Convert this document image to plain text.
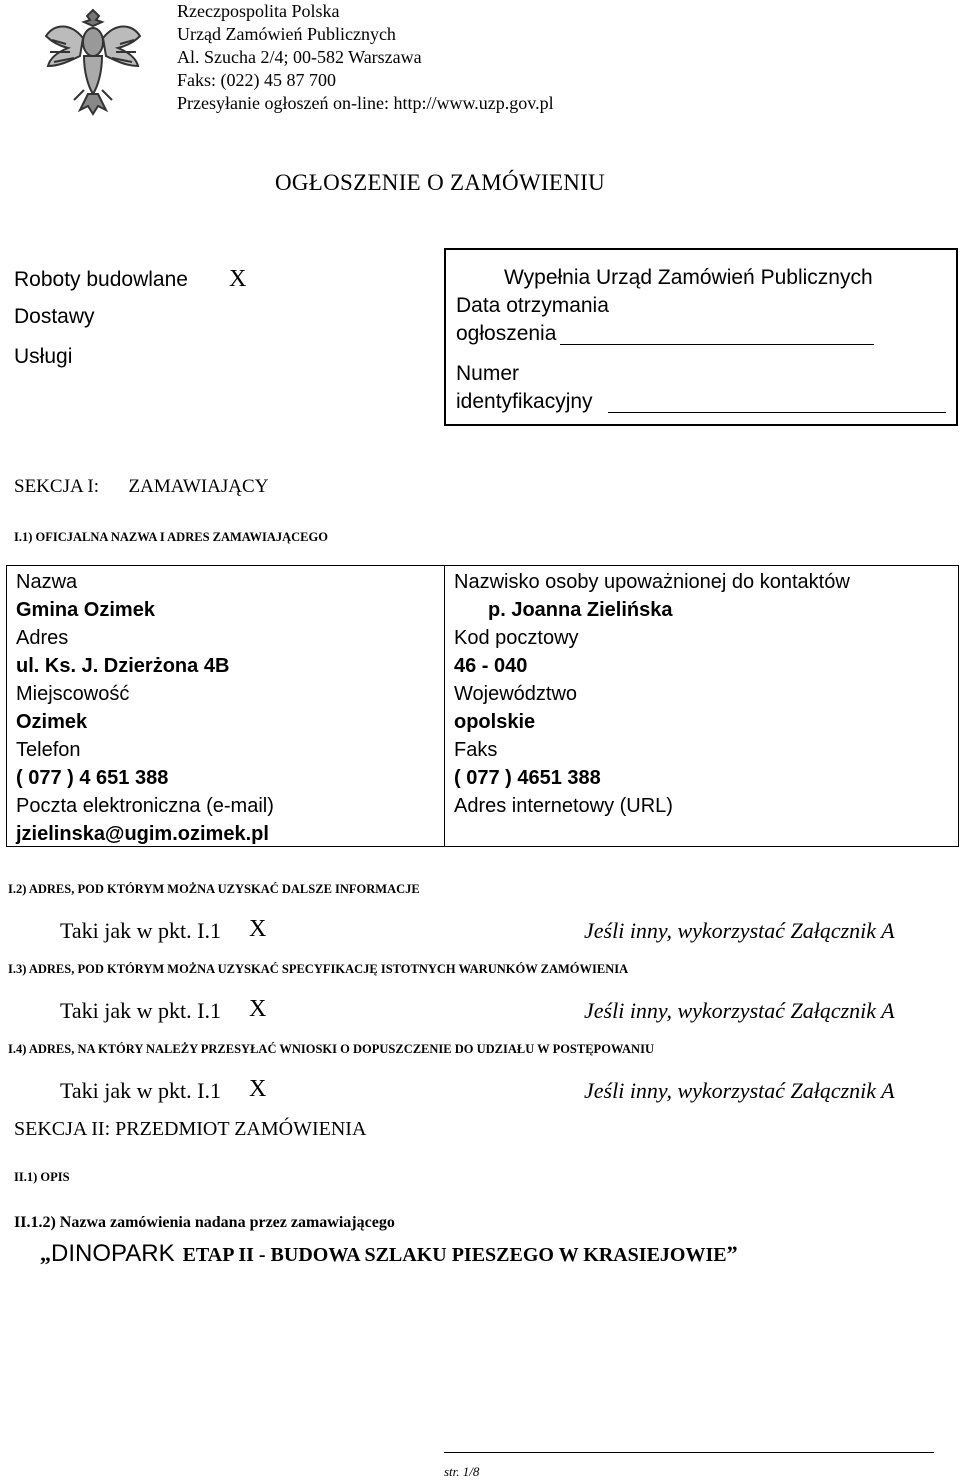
Rzeczpospolita Polska
Urząd Zamówień Publicznych
Al. Szucha 2/4; 00-582 Warszawa
Faks: (022) 45 87 700
Przesyłanie ogłoszeń on-line: http://www.uzp.gov.pl
OGŁOSZENIE O ZAMÓWIENIU
Roboty budowlane
Dostawy
Usługi
X	Wypełnia Urząd Zamówień Publicznych
Data otrzymania
ogłoszenia
Numer
identyfikacyjny
SEKCJA I: ZAMAWIAJĄCY
I.1) OFICJALNA NAZWA I ADRES ZAMAWIAJĄCEGO
Nazwa
Gmina Ozimek
Adres
ul. Ks. J. Dzierżona 4B
Miejscowość
Ozimek
Telefon
( 077 ) 4 651 388
Poczta elektroniczna (e-mail)
jzielinska@ugim.ozimek.pl
Nazwisko osoby upoważnionej do kontaktów
p. Joanna Zielińska
Kod pocztowy
46 - 040
Województwo
opolskie
Faks
( 077 ) 4651 388
Adres internetowy (URL)
I.2) ADRES, POD KTÓRYM MOŻNA UZYSKAĆ DALSZE INFORMACJE
Taki jak w pkt. I.1 X	Jeśli inny, wykorzystać Załącznik A
I.3) ADRES, POD KTÓRYM MOŻNA UZYSKAĆ SPECYFIKACJĘ ISTOTNYCH WARUNKÓW ZAMÓWIENIA
Taki jak w pkt. I.1 X	Jeśli inny, wykorzystać Załącznik A
I.4) ADRES, NA KTÓRY NALEŻY PRZESYŁAĆ WNIOSKI O DOPUSZCZENIE DO UDZIAŁU W POSTĘPOWANIU
Taki jak w pkt. I.1 X	Jeśli inny, wykorzystać Załącznik A
SEKCJA II: PRZEDMIOT ZAMÓWIENIA
II.1) OPIS
II.1.2) Nazwa zamówienia nadana przez zamawiającego
„DINOPARK ETAP II - BUDOWA SZLAKU PIESZEGO W KRASIEJOWIE”
str. 1/8
